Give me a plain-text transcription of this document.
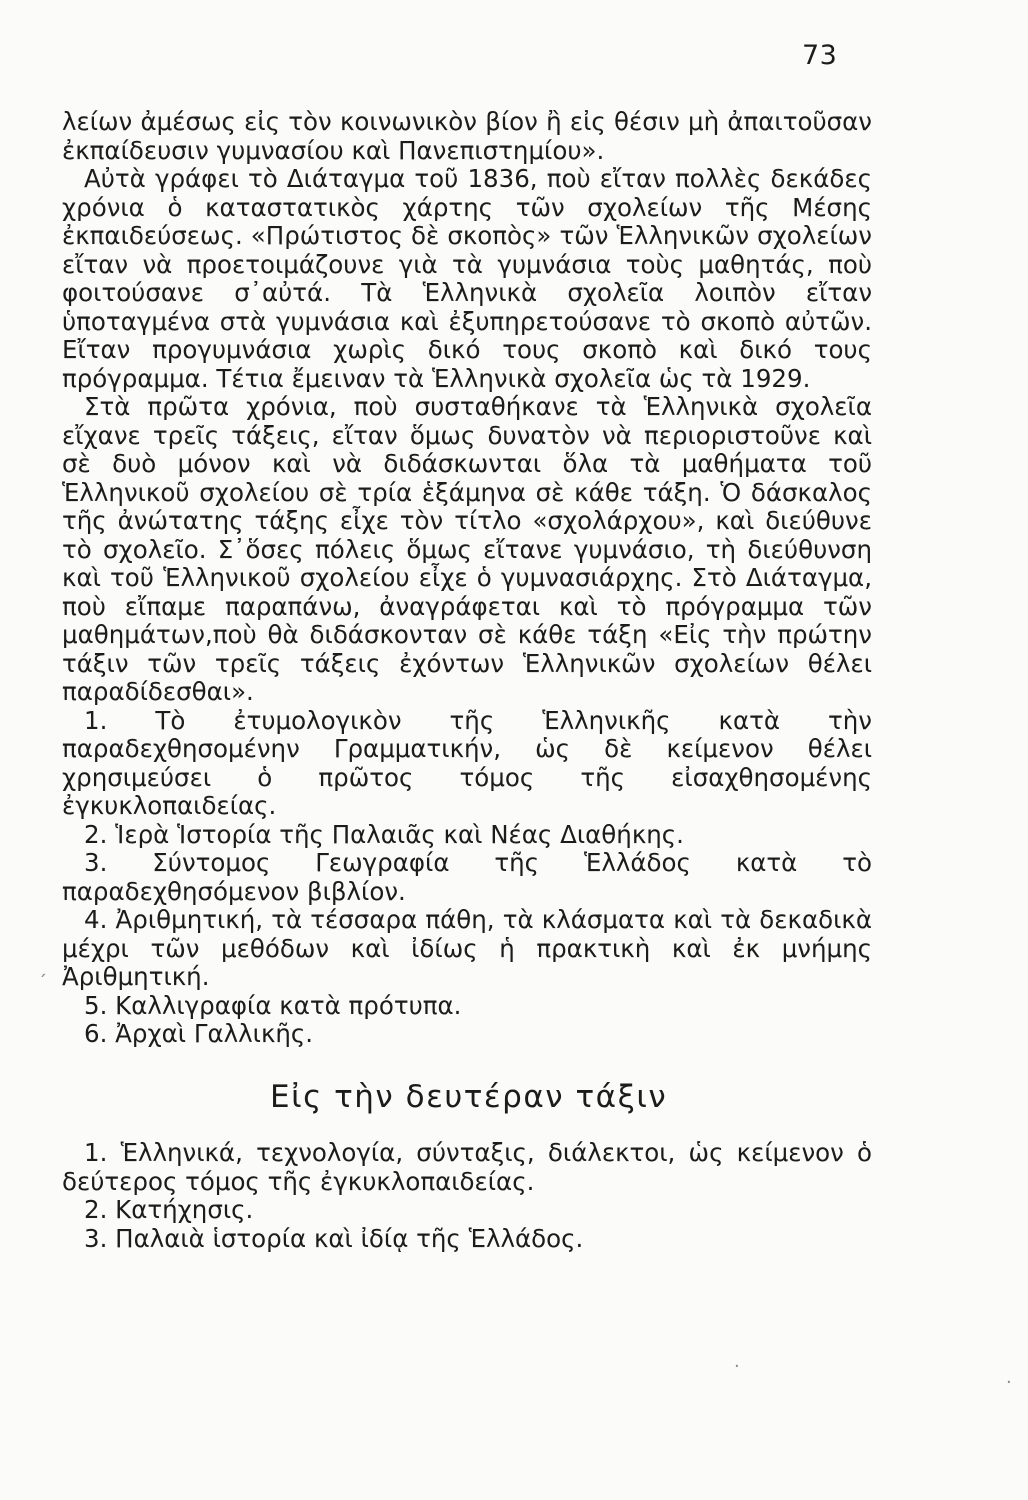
73

λείων ἀμέσως εἰς τὸν κοινωνικὸν βίον ἢ εἰς θέσιν μὴ ἀπαιτοῦσαν ἐκπαίδευσιν γυμνασίου καὶ Πανεπιστημίου».

Αὐτὰ γράφει τὸ Διάταγμα τοῦ 1836, ποὺ εἴταν πολλὲς δεκάδες χρόνια ὁ καταστατικὸς χάρτης τῶν σχολείων τῆς Μέσης ἐκπαιδεύσεως. «Πρώτιστος δὲ σκοπὸς» τῶν Ἑλληνικῶν σχολείων εἴταν νὰ προετοιμάζουνε γιὰ τὰ γυμνάσια τοὺς μαθητάς, ποὺ φοιτούσανε σ᾽αὐτά. Τὰ Ἑλληνικὰ σχολεῖα λοιπὸν εἴταν ὑποταγμένα στὰ γυμνάσια καὶ ἐξυπηρετούσανε τὸ σκοπὸ αὐτῶν. Εἴταν προγυμνάσια χωρὶς δικό τους σκοπὸ καὶ δικό τους πρόγραμμα. Τέτια ἔμειναν τὰ Ἑλληνικὰ σχολεῖα ὡς τὰ 1929.

Στὰ πρῶτα χρόνια, ποὺ συσταθήκανε τὰ Ἑλληνικὰ σχολεῖα εἴχανε τρεῖς τάξεις, εἴταν ὅμως δυνατὸν νὰ περιοριστοῦνε καὶ σὲ δυὸ μόνον καὶ νὰ διδάσκωνται ὅλα τὰ μαθήματα τοῦ Ἑλληνικοῦ σχολείου σὲ τρία ἑξάμηνα σὲ κάθε τάξη. Ὁ δάσκαλος τῆς ἀνώτατης τάξης εἶχε τὸν τίτλο «σχολάρχου», καὶ διεύθυνε τὸ σχολεῖο. Σ᾽ὅσες πόλεις ὅμως εἴτανε γυμνάσιο, τὴ διεύθυνση καὶ τοῦ Ἑλληνικοῦ σχολείου εἶχε ὁ γυμνασιάρχης. Στὸ Διάταγμα, ποὺ εἴπαμε παραπάνω, ἀναγράφεται καὶ τὸ πρόγραμμα τῶν μαθημάτων,ποὺ θὰ διδάσκονταν σὲ κάθε τάξη «Εἰς τὴν πρώτην τάξιν τῶν τρεῖς τάξεις ἐχόντων Ἑλληνικῶν σχολείων θέλει παραδίδεσθαι».

1. Τὸ ἐτυμολογικὸν τῆς Ἑλληνικῆς κατὰ τὴν παραδεχθησομένην Γραμματικήν, ὡς δὲ κείμενον θέλει χρησιμεύσει ὁ πρῶτος τόμος τῆς εἰσαχθησομένης ἐγκυκλοπαιδείας.
2. Ἱερὰ Ἱστορία τῆς Παλαιᾶς καὶ Νέας Διαθήκης.
3. Σύντομος Γεωγραφία τῆς Ἑλλάδος κατὰ τὸ παραδεχθησόμενον βιβλίον.
4. Ἀριθμητική, τὰ τέσσαρα πάθη, τὰ κλάσματα καὶ τὰ δεκαδικὰ μέχρι τῶν μεθόδων καὶ ἰδίως ἡ πρακτικὴ καὶ ἐκ μνήμης Ἀριθμητική.
5. Καλλιγραφία κατὰ πρότυπα.
6. Ἀρχαὶ Γαλλικῆς.
Εἰς τὴν δευτέραν τάξιν
1. Ἑλληνικά, τεχνολογία, σύνταξις, διάλεκτοι, ὡς κείμενον ὁ δεύτερος τόμος τῆς ἐγκυκλοπαιδείας.
2. Κατήχησις.
3. Παλαιὰ ἱστορία καὶ ἰδίᾳ τῆς Ἑλλάδος.
´
·
·
